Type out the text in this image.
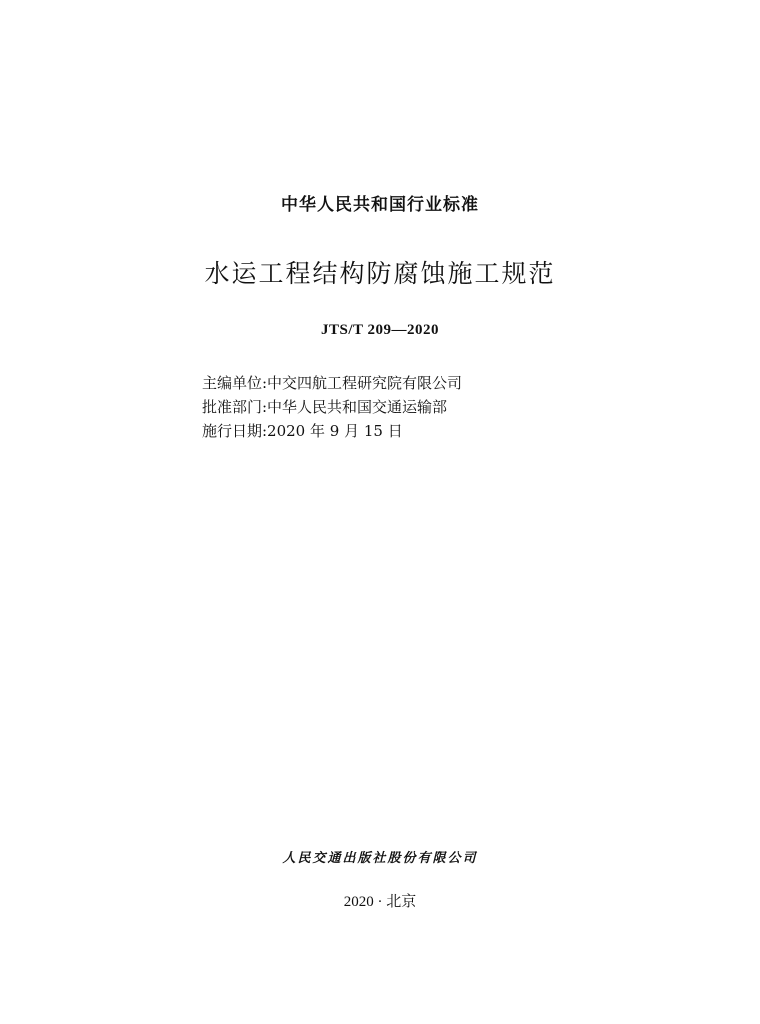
中华人民共和国行业标准
水运工程结构防腐蚀施工规范
JTS/T 209—2020
主编单位:中交四航工程研究院有限公司
批准部门:中华人民共和国交通运输部
施行日期:2020 年 9 月 15 日
人民交通出版社股份有限公司
2020 · 北京
